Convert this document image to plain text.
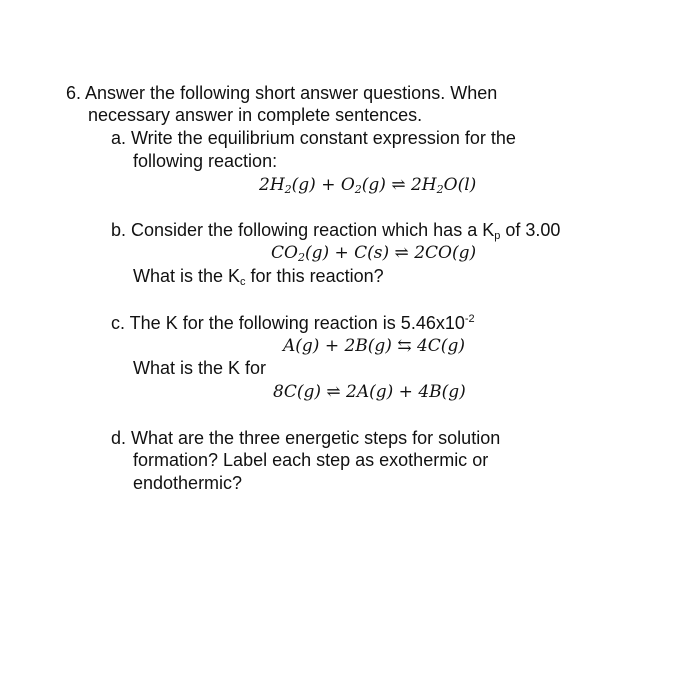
6. Answer the following short answer questions. When
necessary answer in complete sentences.
a. Write the equilibrium constant expression for the
following reaction:
$2H_2(g) + O_2(g)$ ⇌ $2H_2O(l)$
b. Consider the following reaction which has a $K_p$ of 3.00
$CO_2(g) + C(s)$ ⇌ 2CO(g)
What is the $K_c$ for this reaction?
c. The K for the following reaction is $5.46x10^{-2}$
A(g) + 2B(g) ⇆ 4C(g)
What is the K for
8C(g) ⇌ 2A(g) + 4B(g)
d. What are the three energetic steps for solution
formation? Label each step as exothermic or
endothermic?
